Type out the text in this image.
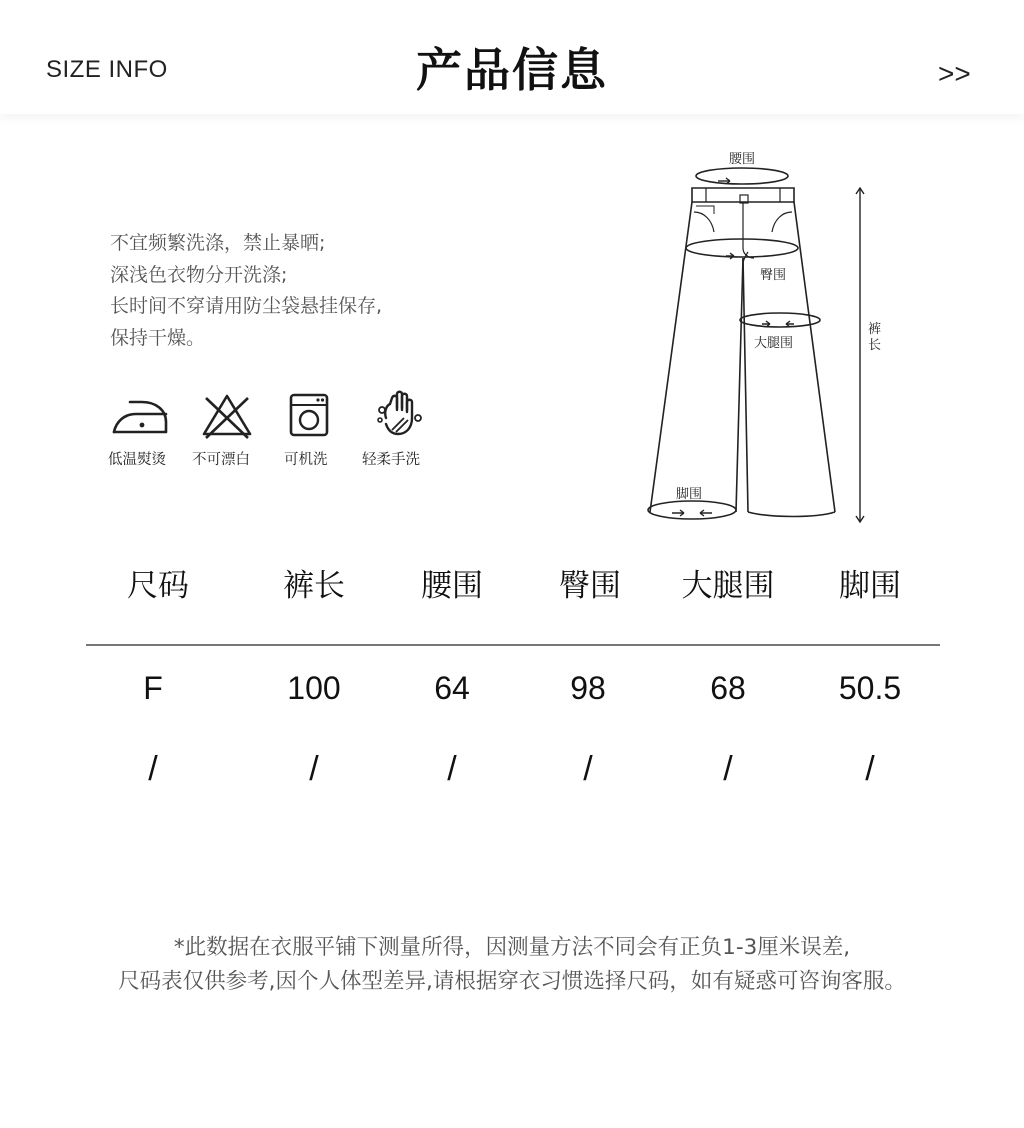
SIZE INFO	产品信息	>>
不宜频繁洗涤，禁止暴晒;
深浅色衣物分开洗涤;
长时间不穿请用防尘袋悬挂保存,
保持干燥。
低温熨烫 不可漂白 可机洗 轻柔手洗
腰围
臀围
大腿围
脚围
裤
长
尺码	裤长 腰围 臀围 大腿围 脚围
F	100	64	98	68	50.5
/	/	/	/	/	/
*此数据在衣服平铺下测量所得，因测量方法不同会有正负1-3厘米误差,
尺码表仅供参考,因个人体型差异,请根据穿衣习惯选择尺码，如有疑惑可咨询客服。
